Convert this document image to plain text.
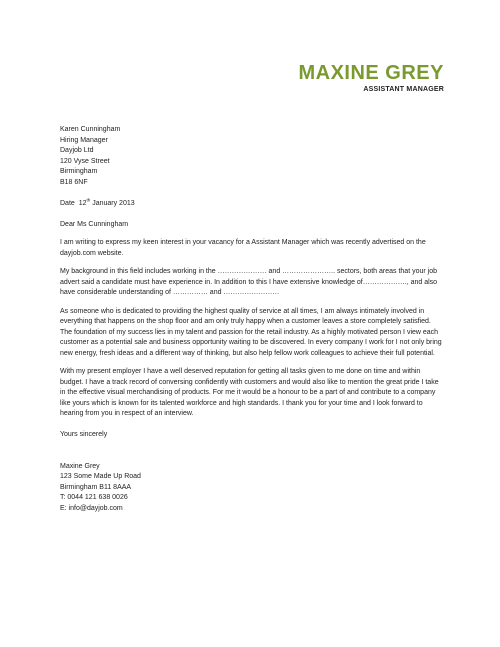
MAXINE GREY
ASSISTANT MANAGER
Karen Cunningham
Hiring Manager
Dayjob Ltd
120 Vyse Street
Birmingham
B18 6NF
Date 12th January 2013

Dear Ms Cunningham

I am writing to express my keen interest in your vacancy for a Assistant Manager which was recently advertised on the dayjob.com website.

My background in this field includes working in the ………………… and ………………….. sectors, both areas that your job advert said a candidate must have experience in. In addition to this I have extensive knowledge of………………., and also have considerable understanding of …………… and ……………………

As someone who is dedicated to providing the highest quality of service at all times, I am always intimately involved in everything that happens on the shop floor and am only truly happy when a customer leaves a store completely satisfied. The foundation of my success lies in my talent and passion for the retail industry. As a highly motivated person I view each customer as a potential sale and business opportunity waiting to be discovered. In every company I work for I not only bring new energy, fresh ideas and a different way of thinking, but also help fellow work colleagues to achieve their full potential.

With my present employer I have a well deserved reputation for getting all tasks given to me done on time and within budget. I have a track record of conversing confidently with customers and would also like to mention the great pride I take in the effective visual merchandising of products. For me it would be a honour to be a part of and contribute to a company like yours which is known for its talented workforce and high standards. I thank you for your time and I look forward to hearing from you in respect of an interview.

Yours sincerely

Maxine Grey
123 Some Made Up Road
Birmingham B11 8AAA
T: 0044 121 638 0026
E: info@dayjob.com
